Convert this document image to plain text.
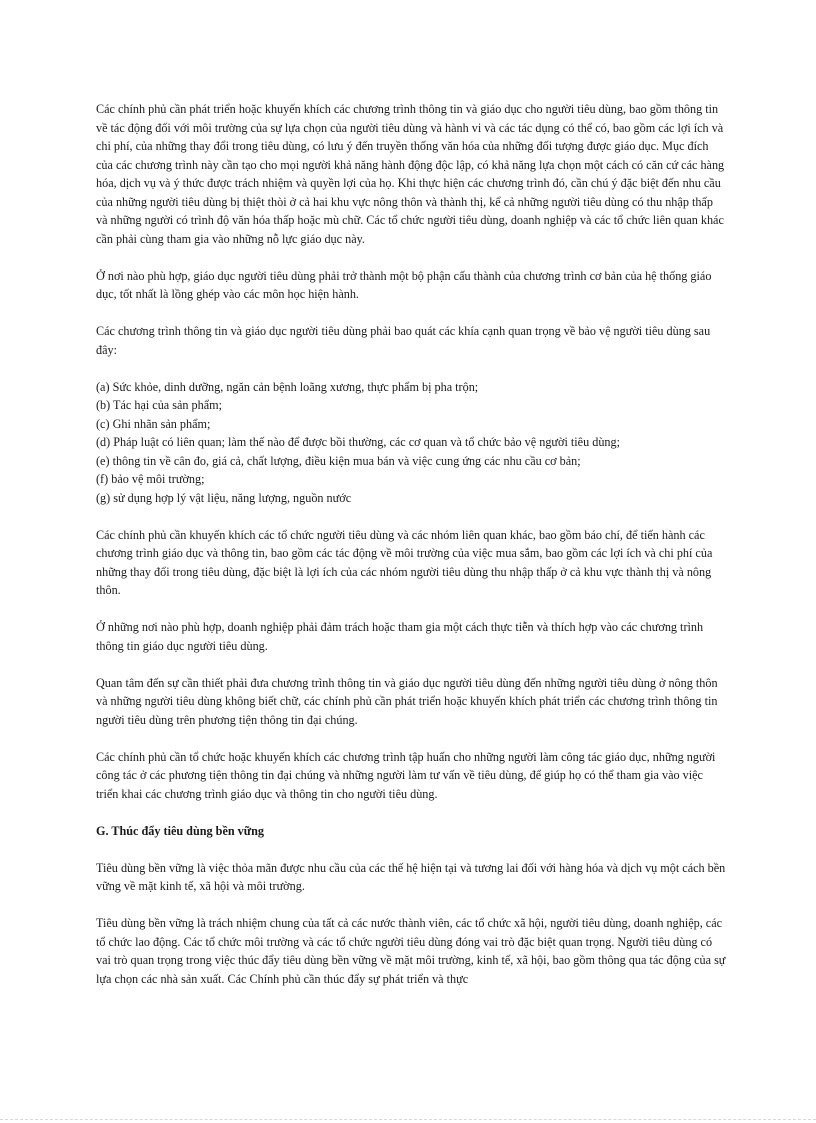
Các chính phủ cần phát triển hoặc khuyến khích các chương trình thông tin và giáo dục cho người tiêu dùng, bao gồm thông tin về tác động đối với môi trường của sự lựa chọn của người tiêu dùng và hành vi và các tác dụng có thể có, bao gồm các lợi ích và chi phí, của những thay đổi trong tiêu dùng, có lưu ý đến truyền thống văn hóa của những đối tượng được giáo dục. Mục đích của các chương trình này cần tạo cho mọi người khả năng hành động độc lập, có khả năng lựa chọn một cách có căn cứ các hàng hóa, dịch vụ và ý thức được trách nhiệm và quyền lợi của họ. Khi thực hiện các chương trình đó, cần chú ý đặc biệt đến nhu cầu của những người tiêu dùng bị thiệt thòi ở cả hai khu vực nông thôn và thành thị, kể cả những người tiêu dùng có thu nhập thấp và những người có trình độ văn hóa thấp hoặc mù chữ. Các tổ chức người tiêu dùng, doanh nghiệp và các tổ chức liên quan khác cần phải cùng tham gia vào những nỗ lực giáo dục này.

Ở nơi nào phù hợp, giáo dục người tiêu dùng phải trở thành một bộ phận cấu thành của chương trình cơ bản của hệ thống giáo dục, tốt nhất là lồng ghép vào các môn học hiện hành.

Các chương trình thông tin và giáo dục người tiêu dùng phải bao quát các khía cạnh quan trọng về bảo vệ người tiêu dùng sau đây:

(a) Sức khỏe, dinh dưỡng, ngăn cản bệnh loãng xương, thực phẩm bị pha trộn;
(b) Tác hại của sản phẩm;
(c) Ghi nhãn sản phẩm;
(d) Pháp luật có liên quan; làm thế nào để được bồi thường, các cơ quan và tổ chức bảo vệ người tiêu dùng;
(e) thông tin về cân đo, giá cả, chất lượng, điều kiện mua bán và việc cung ứng các nhu cầu cơ bản;
(f) bảo vệ môi trường;
(g) sử dụng hợp lý vật liệu, năng lượng, nguồn nước

Các chính phủ cần khuyến khích các tổ chức người tiêu dùng và các nhóm liên quan khác, bao gồm báo chí, để tiến hành các chương trình giáo dục và thông tin, bao gồm các tác động về môi trường của việc mua sắm, bao gồm các lợi ích và chi phí của những thay đổi trong tiêu dùng, đặc biệt là lợi ích của các nhóm người tiêu dùng thu nhập thấp ở cả khu vực thành thị và nông thôn.

Ở những nơi nào phù hợp, doanh nghiệp phải đảm trách hoặc tham gia một cách thực tiễn và thích hợp vào các chương trình thông tin giáo dục người tiêu dùng.

Quan tâm đến sự cần thiết phải đưa chương trình thông tin và giáo dục người tiêu dùng đến những người tiêu dùng ở nông thôn và những người tiêu dùng không biết chữ, các chính phủ cần phát triển hoặc khuyến khích phát triển các chương trình thông tin người tiêu dùng trên phương tiện thông tin đại chúng.

Các chính phủ cần tổ chức hoặc khuyến khích các chương trình tập huấn cho những người làm công tác giáo dục, những người công tác ở các phương tiện thông tin đại chúng và những người làm tư vấn về tiêu dùng, để giúp họ có thể tham gia vào việc triển khai các chương trình giáo dục và thông tin cho người tiêu dùng.

G. Thúc đẩy tiêu dùng bền vững

Tiêu dùng bền vững là việc thỏa mãn được nhu cầu của các thế hệ hiện tại và tương lai đối với hàng hóa và dịch vụ một cách bền vững về mặt kinh tế, xã hội và môi trường.

Tiêu dùng bền vững là trách nhiệm chung của tất cả các nước thành viên, các tổ chức xã hội, người tiêu dùng, doanh nghiệp, các tổ chức lao động. Các tổ chức môi trường và các tổ chức người tiêu dùng đóng vai trò đặc biệt quan trọng. Người tiêu dùng có vai trò quan trọng trong việc thúc đẩy tiêu dùng bền vững về mặt môi trường, kinh tế, xã hội, bao gồm thông qua tác động của sự lựa chọn các nhà sản xuất. Các Chính phủ cần thúc đẩy sự phát triển và thực
